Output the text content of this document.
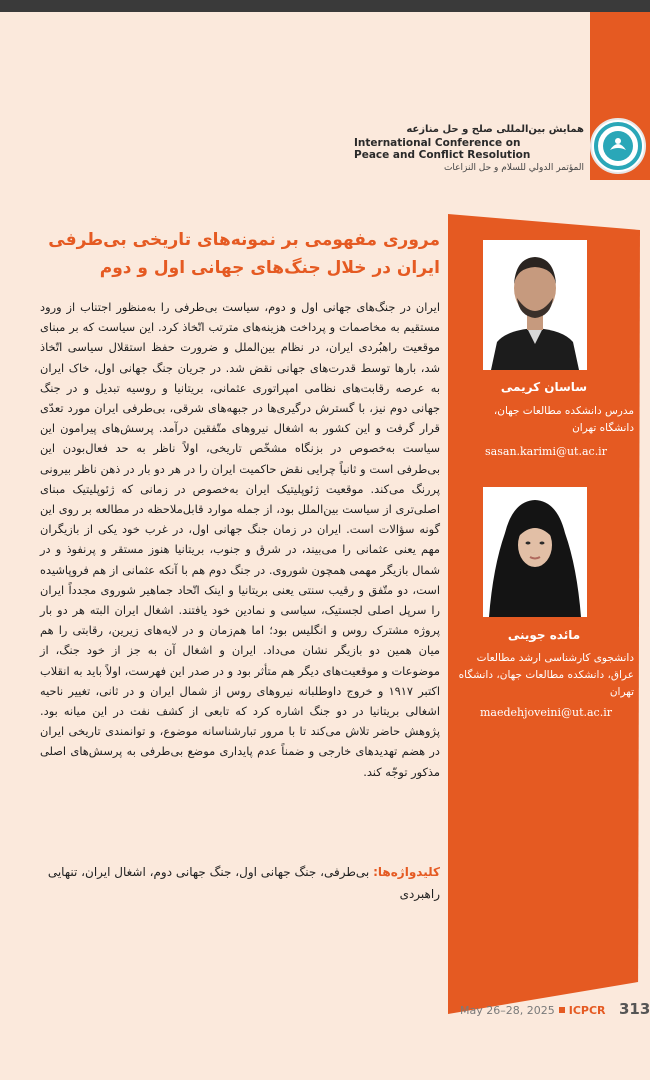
همایش بین‌المللی صلح و حل منازعه
International Conference on
Peace and Conflict Resolution
المؤتمر الدولي للسلام و حل النزاعات
ساسان کریمی
مدرس دانشکده مطالعات جهان، دانشگاه تهران
sasan.karimi@ut.ac.ir
مائده جوینی
دانشجوی کارشناسی ارشد مطالعات عراق، دانشکده مطالعات جهان، دانشگاه تهران
maedehjoveini@ut.ac.ir
مروری مفهومی بر نمونه‌های تاریخی بی‌طرفی ایران در خلال جنگ‌های جهانی اول و دوم
ایران در جنگ‌های جهانی اول و دوم، سیاست بی‌طرفی را به‌منظور اجتناب از ورود مستقیم به مخاصمات و پرداخت هزینه‌های مترتب اتّخاذ کرد. این سیاست که بر مبنای موقعیت راهبُردی ایران، در نظام بین‌الملل و ضرورت حفظ استقلال سیاسی اتّخاذ شد، بارها توسط قدرت‌های جهانی نقض شد. در جریان جنگ جهانی اول، خاک ایران به عرصه رقابت‌های نظامی امپراتوری عثمانی، بریتانیا و روسیه تبدیل و در جنگ جهانی دوم نیز، با گسترش درگیری‌ها در جبهه‌های شرقی، بی‌طرفی ایران مورد تعدّی قرار گرفت و این کشور به اشغال نیروهای متّفقین درآمد. پرسش‌های پیرامون این سیاست به‌خصوص در بزنگاه مشخّص تاریخی، اولاً ناظر به حد فعال‌بودن این بی‌طرفی است و ثانیاً چرایی نقض حاکمیت ایران را در هر دو بار در ذهن ناظر بیرونی پررنگ می‌کند. موقعیت ژئوپلیتیک ایران به‌خصوص در زمانی که ژئوپلیتیک مبنای اصلی‌تری از سیاست بین‌الملل بود، از جمله موارد قابل‌ملاحظه در مطالعه بر روی این گونه سؤالات است. ایران در زمان جنگ جهانی اول، در غرب خود یکی از بازیگران مهم یعنی عثمانی را می‌بیند، در شرق و جنوب، بریتانیا هنوز مستقر و پرنفوذ و در شمال بازیگر مهمی همچون شوروی. در جنگ دوم هم با آنکه عثمانی از هم فروپاشیده است، دو متّفق و رقیب سنتی یعنی بریتانیا و اینک اتّحاد جماهیر شوروی مجدداً ایران را سرپل اصلی لجستیک، سیاسی و نمادین خود یافتند. اشغال ایران البته هر دو بار پروژه مشترک روس و انگلیس بود؛ اما هم‌زمان و در لایه‌های زیرین، رقابتی را هم میان همین دو بازیگر نشان می‌داد. ایران و اشغال آن به جز از خود جنگ، از موضوعات و موقعیت‌های دیگر هم متأثر بود و در صدر این فهرست، اولاً باید به انقلاب اکتبر ۱۹۱۷ و خروج داوطلبانه نیروهای روس از شمال ایران و در ثانی، تغییر ناحیه اشغالی بریتانیا در دو جنگ اشاره کرد که تابعی از کشف نفت در این میانه بود. پژوهش حاضر تلاش می‌کند تا با مرور تبارشناسانه موضوع، و توانمندی تاریخی ایران در هضم تهدیدهای خارجی و ضمناً عدم پایداری موضع بی‌طرفی به پرسش‌های اصلی مذکور توجّه کند.
کلیدواژه‌ها: بی‌طرفی، جنگ جهانی اول، جنگ جهانی دوم، اشغال ایران، تنهایی راهبردی
May 26–28, 2025 ICPCR 313
